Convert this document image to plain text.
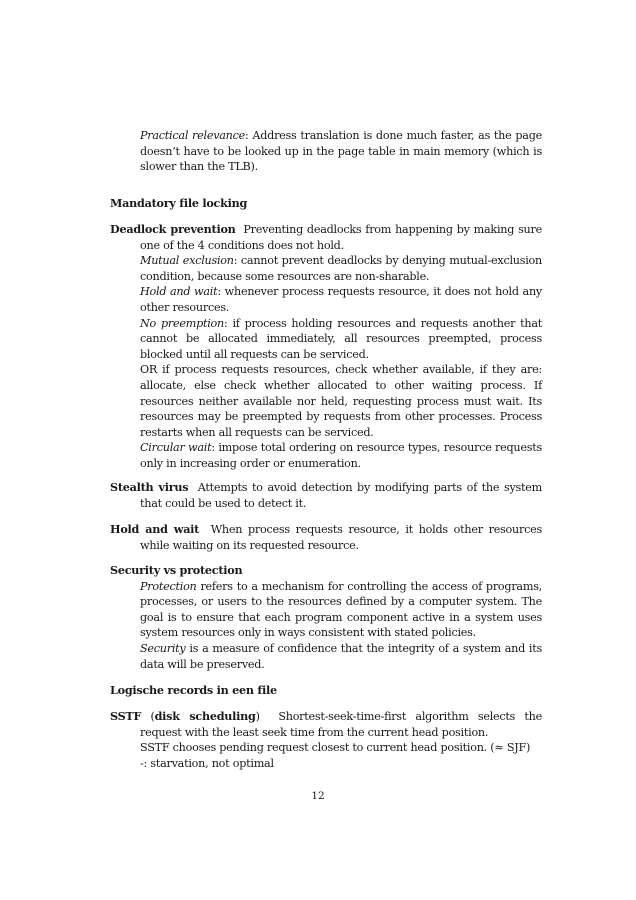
Practical relevance: Address translation is done much faster, as the page doesn’t have to be looked up in the page table in main memory (which is slower than the TLB).

Mandatory file locking

Deadlock prevention Preventing deadlocks from happening by making sure one of the 4 conditions does not hold.

Mutual exclusion: cannot prevent deadlocks by denying mutual-exclusion condition, because some resources are non-sharable.

Hold and wait: whenever process requests resource, it does not hold any other resources.

No preemption: if process holding resources and requests another that cannot be allocated immediately, all resources preempted, process blocked until all requests can be serviced.

OR if process requests resources, check whether available, if they are: allocate, else check whether allocated to other waiting process. If resources neither available nor held, requesting process must wait. Its resources may be preempted by requests from other processes. Process restarts when all requests can be serviced.

Circular wait: impose total ordering on resource types, resource requests only in increasing order or enumeration.

Stealth virus Attempts to avoid detection by modifying parts of the system that could be used to detect it.

Hold and wait When process requests resource, it holds other resources while waiting on its requested resource.

Security vs protection

Protection refers to a mechanism for controlling the access of programs, processes, or users to the resources defined by a computer system. The goal is to ensure that each program component active in a system uses system resources only in ways consistent with stated policies.

Security is a measure of confidence that the integrity of a system and its data will be preserved.

Logische records in een file

SSTF (disk scheduling) Shortest-seek-time-first algorithm selects the request with the least seek time from the current head position.

SSTF chooses pending request closest to current head position. (≈ SJF)

-: starvation, not optimal

12
